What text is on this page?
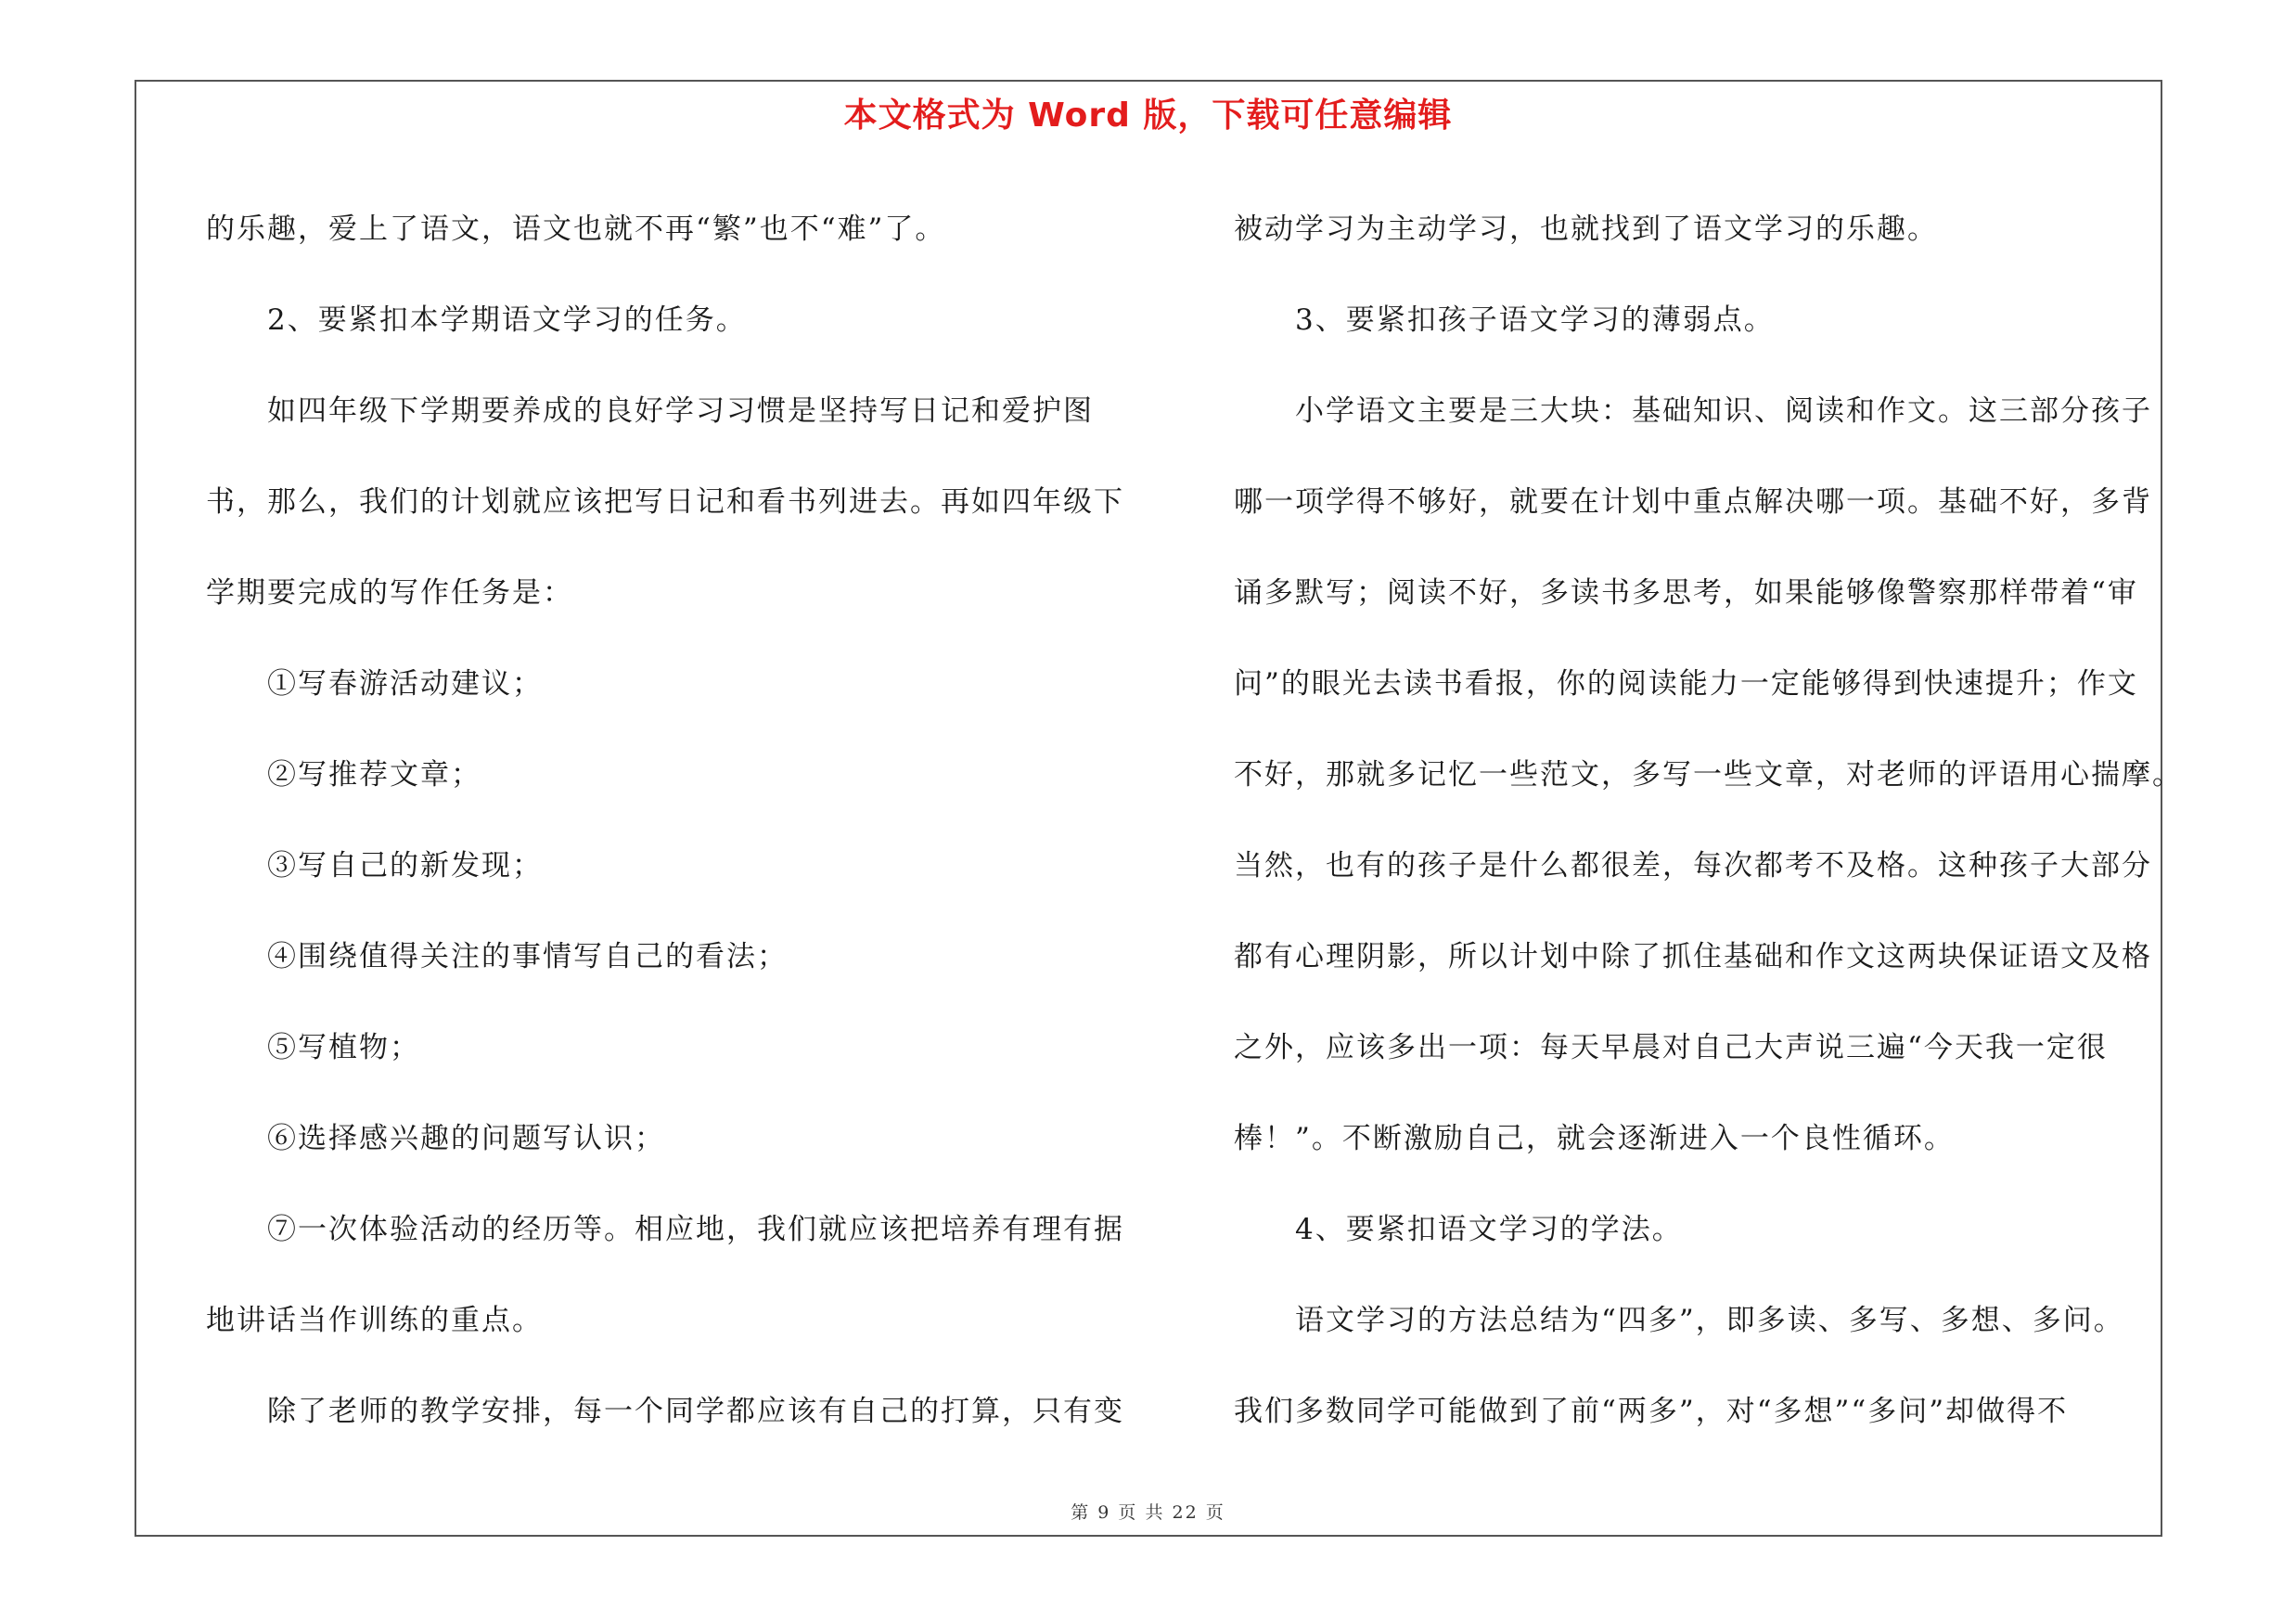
本文格式为 Word 版，下载可任意编辑

的乐趣，爱上了语文，语文也就不再“繁”也不“难”了。

2、要紧扣本学期语文学习的任务。

如四年级下学期要养成的良好学习习惯是坚持写日记和爱护图

书，那么，我们的计划就应该把写日记和看书列进去。再如四年级下

学期要完成的写作任务是：

①写春游活动建议；

②写推荐文章；

③写自己的新发现；

④围绕值得关注的事情写自己的看法；

⑤写植物；

⑥选择感兴趣的问题写认识；

⑦一次体验活动的经历等。相应地，我们就应该把培养有理有据

地讲话当作训练的重点。

除了老师的教学安排，每一个同学都应该有自己的打算，只有变

被动学习为主动学习，也就找到了语文学习的乐趣。

3、要紧扣孩子语文学习的薄弱点。

小学语文主要是三大块：基础知识、阅读和作文。这三部分孩子

哪一项学得不够好，就要在计划中重点解决哪一项。基础不好，多背

诵多默写；阅读不好，多读书多思考，如果能够像警察那样带着“审

问”的眼光去读书看报，你的阅读能力一定能够得到快速提升；作文

不好，那就多记忆一些范文，多写一些文章，对老师的评语用心揣摩。

当然，也有的孩子是什么都很差，每次都考不及格。这种孩子大部分

都有心理阴影，所以计划中除了抓住基础和作文这两块保证语文及格

之外，应该多出一项：每天早晨对自己大声说三遍“今天我一定很

棒！”。不断激励自己，就会逐渐进入一个良性循环。

4、要紧扣语文学习的学法。

语文学习的方法总结为“四多”，即多读、多写、多想、多问。

我们多数同学可能做到了前“两多”，对“多想”“多问”却做得不

第 9 页 共 22 页
